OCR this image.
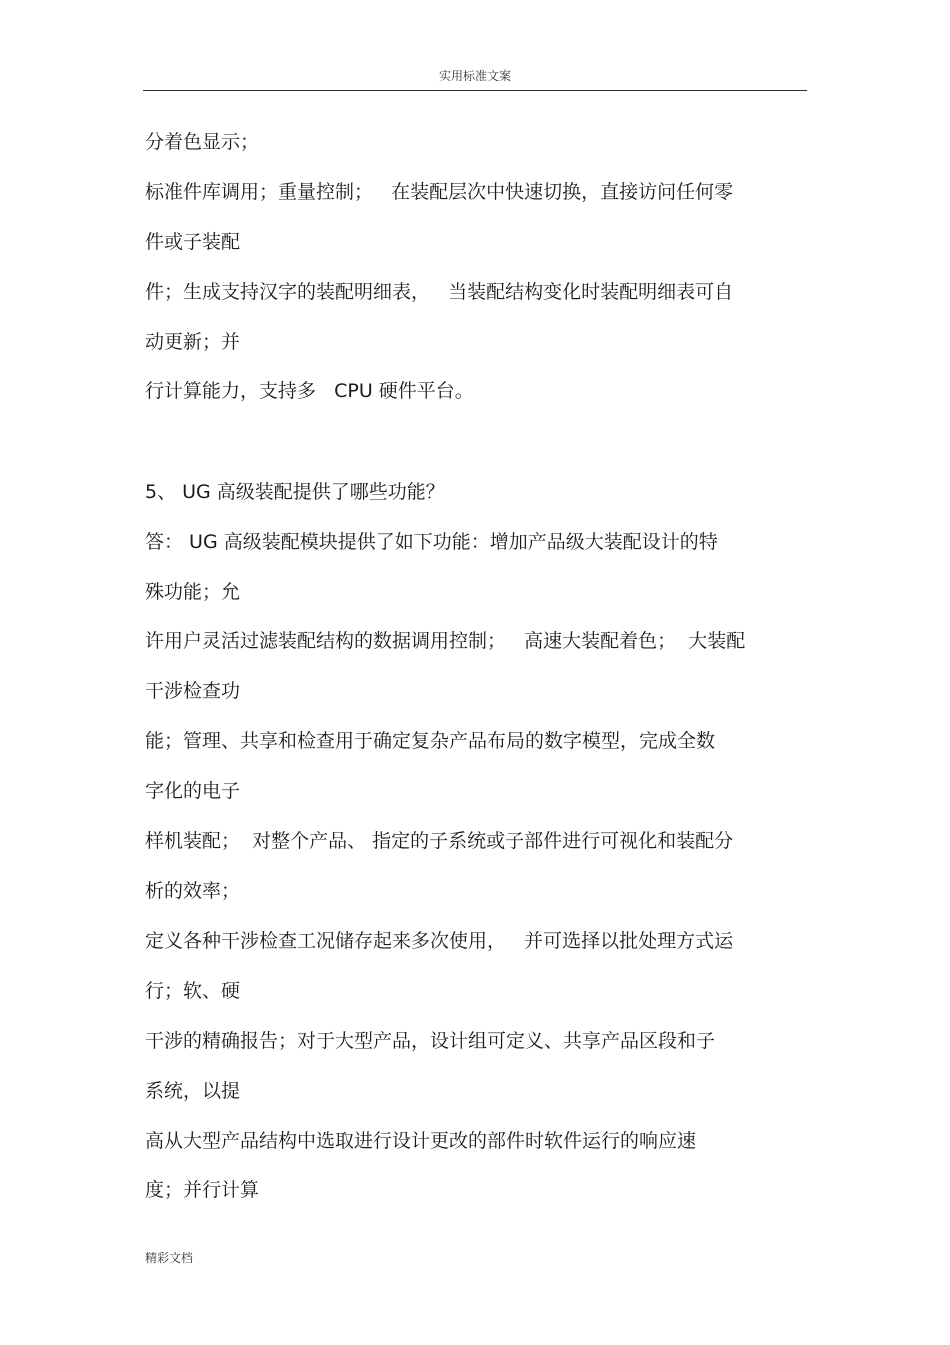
实用标准文案
分着色显示；
标准件库调用；重量控制；   在装配层次中快速切换，直接访问任何零
件或子装配
件；生成支持汉字的装配明细表，   当装配结构变化时装配明细表可自
动更新；并
行计算能力，支持多   CPU 硬件平台。
5、 UG 高级装配提供了哪些功能？
答： UG 高级装配模块提供了如下功能：增加产品级大装配设计的特
殊功能；允
许用户灵活过滤装配结构的数据调用控制；   高速大装配着色；  大装配
干涉检查功
能；管理、共享和检查用于确定复杂产品布局的数字模型，完成全数
字化的电子
样机装配；  对整个产品、 指定的子系统或子部件进行可视化和装配分
析的效率；
定义各种干涉检查工况储存起来多次使用，   并可选择以批处理方式运
行；软、硬
干涉的精确报告；对于大型产品，设计组可定义、共享产品区段和子
系统，以提
高从大型产品结构中选取进行设计更改的部件时软件运行的响应速
度；并行计算
精彩文档
